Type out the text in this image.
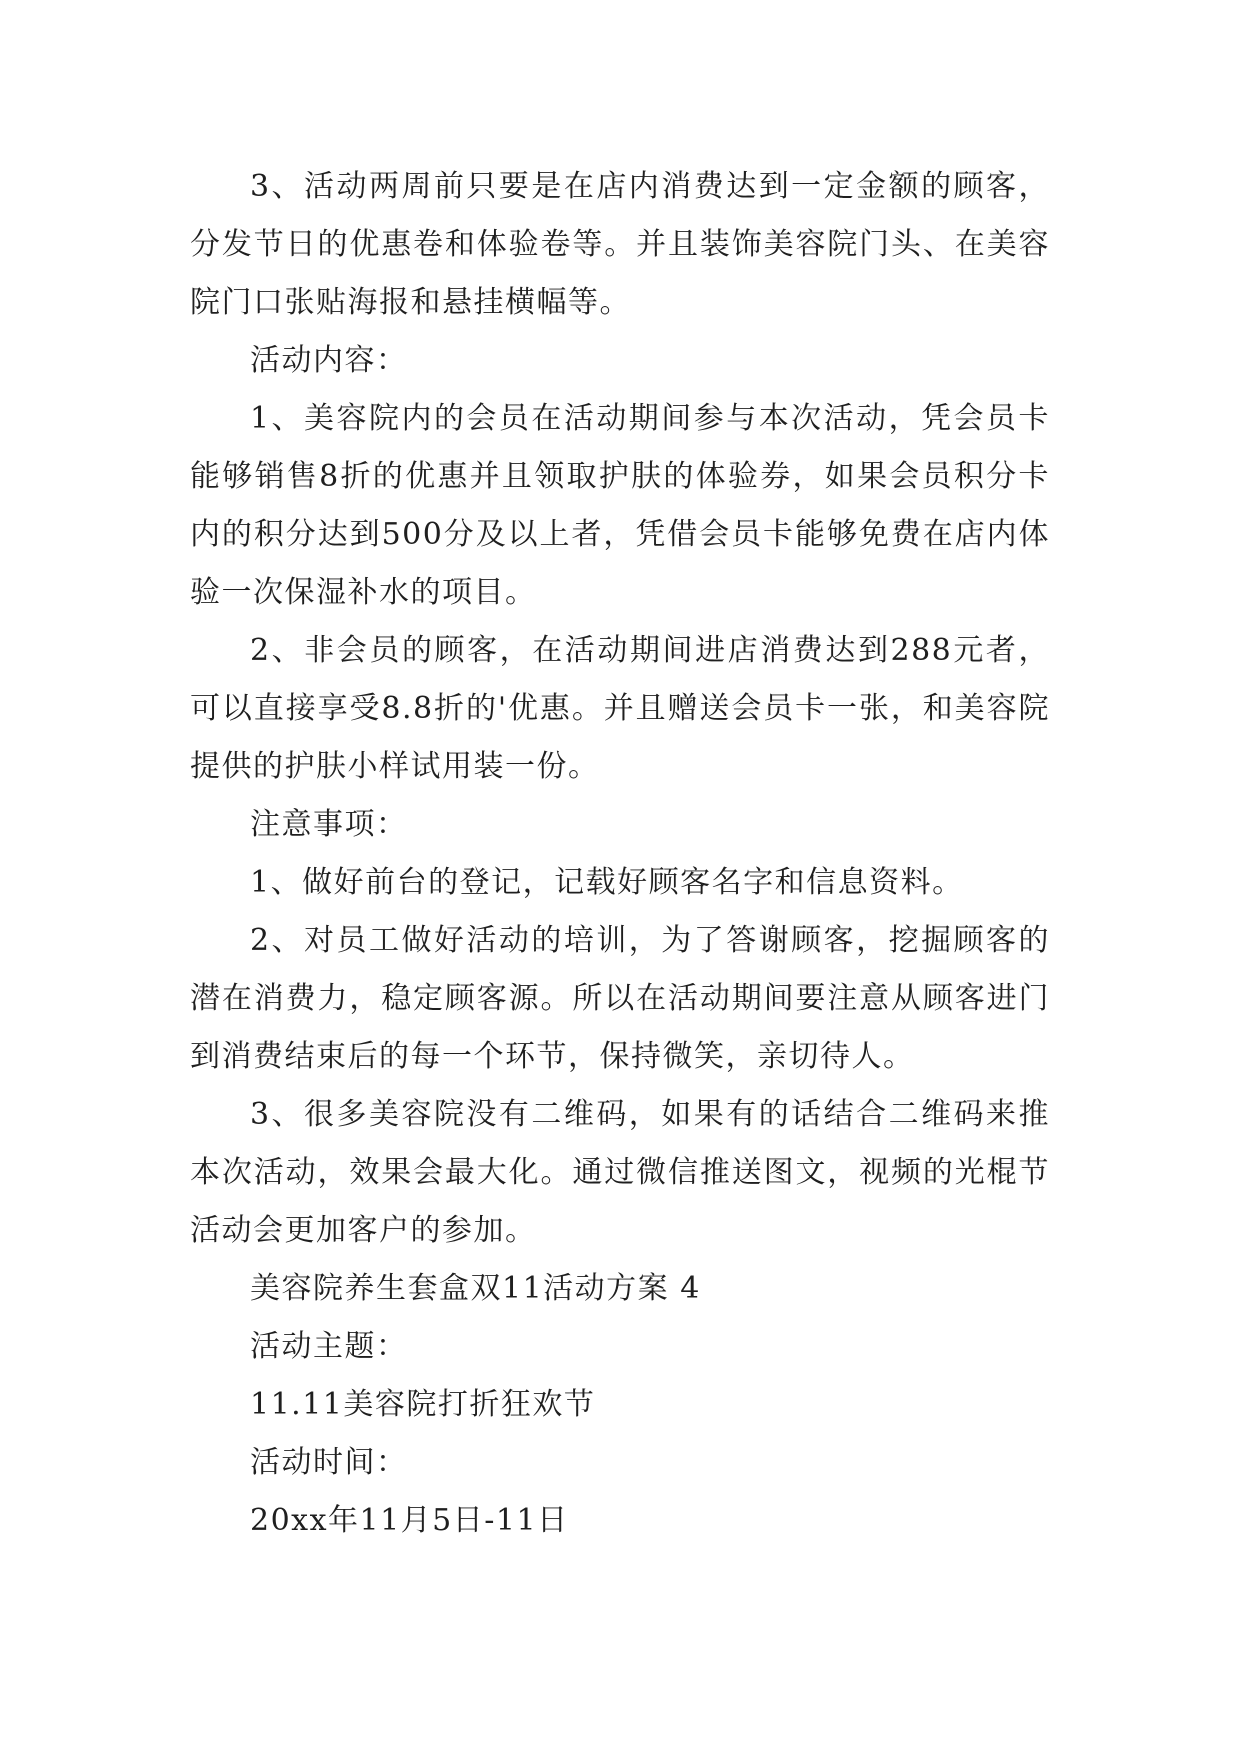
3、活动两周前只要是在店内消费达到一定金额的顾客，分发节日的优惠卷和体验卷等。并且装饰美容院门头、在美容院门口张贴海报和悬挂横幅等。

活动内容：

1、美容院内的会员在活动期间参与本次活动，凭会员卡能够销售8折的优惠并且领取护肤的体验券，如果会员积分卡内的积分达到500分及以上者，凭借会员卡能够免费在店内体验一次保湿补水的项目。

2、非会员的顾客，在活动期间进店消费达到288元者，可以直接享受8.8折的'优惠。并且赠送会员卡一张，和美容院提供的护肤小样试用装一份。

注意事项：

1、做好前台的登记，记载好顾客名字和信息资料。

2、对员工做好活动的培训，为了答谢顾客，挖掘顾客的潜在消费力，稳定顾客源。所以在活动期间要注意从顾客进门到消费结束后的每一个环节，保持微笑，亲切待人。

3、很多美容院没有二维码，如果有的话结合二维码来推本次活动，效果会最大化。通过微信推送图文，视频的光棍节活动会更加客户的参加。

美容院养生套盒双11活动方案 4

活动主题：

11.11美容院打折狂欢节

活动时间：

20xx年11月5日-11日
